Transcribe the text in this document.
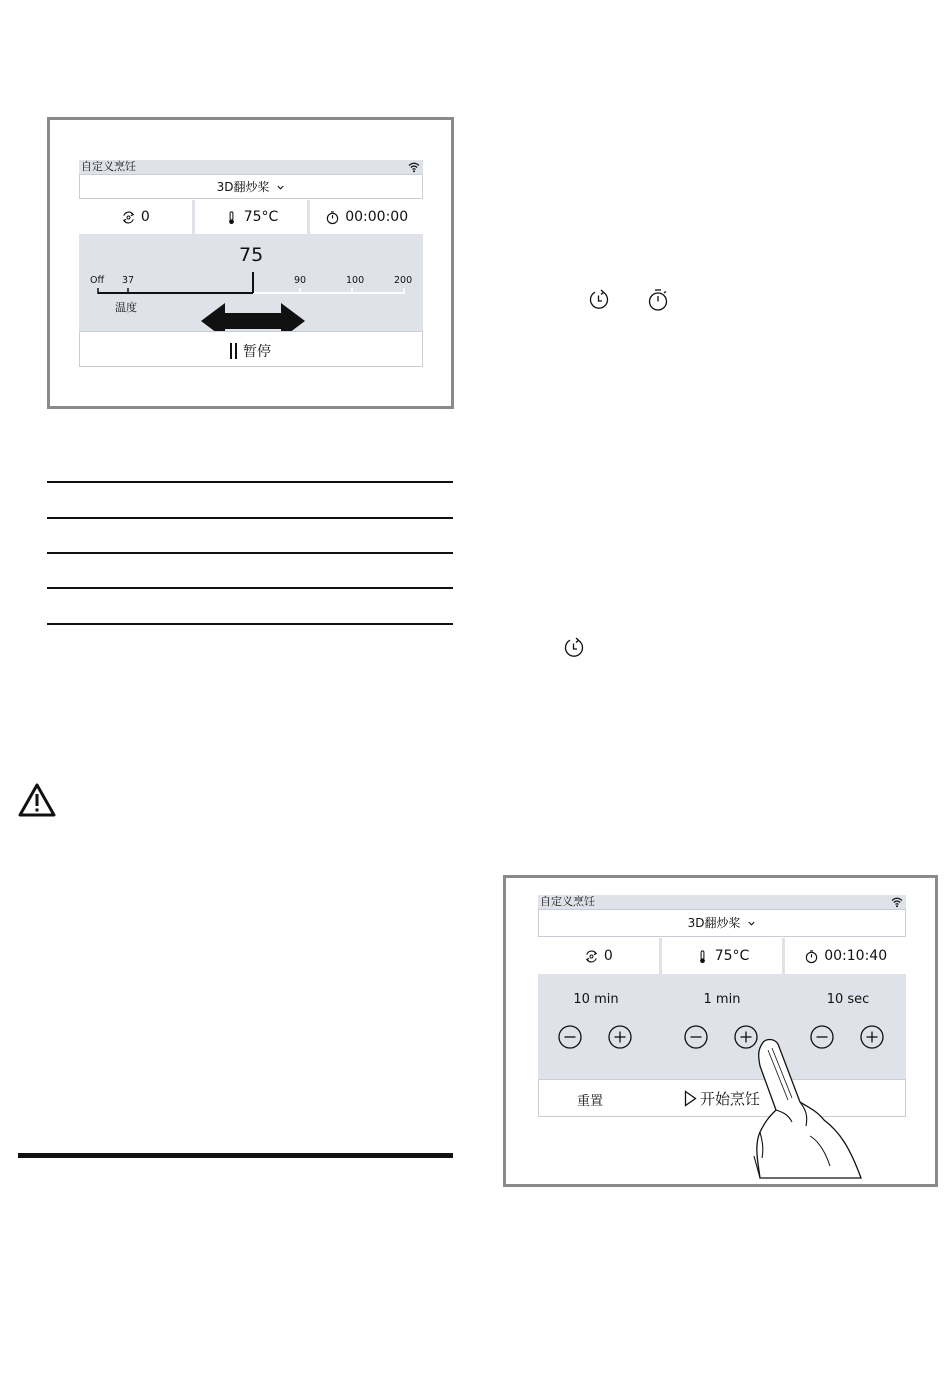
自定义烹饪
3D翻炒桨
0	75°C	00:00:00
75
Off 37	90	100	200
温度
暂停
自定义烹饪
3D翻炒桨
0	75°C	00:10:40
10 min	1 min	10 sec
重置	开始烹饪
